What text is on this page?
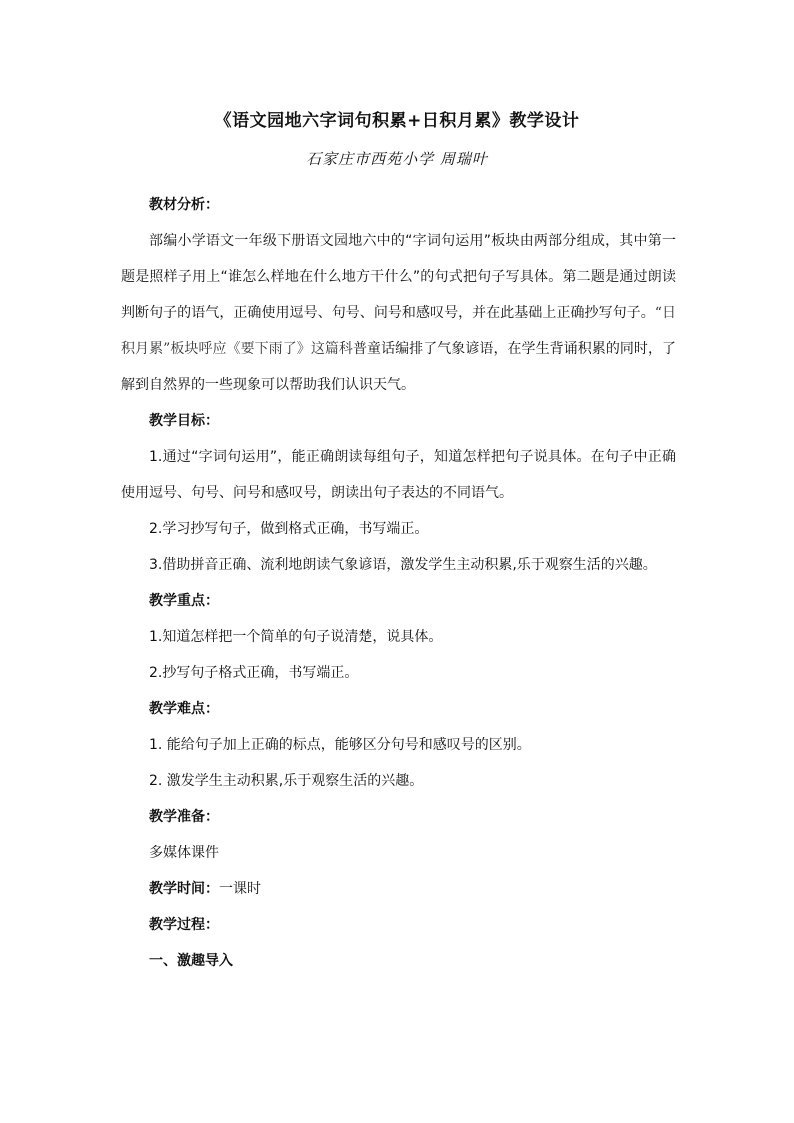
《语文园地六字词句积累+日积月累》教学设计
石家庄市西苑小学 周瑞叶

教材分析：

部编小学语文一年级下册语文园地六中的“字词句运用”板块由两部分组成，其中第一题是照样子用上“谁怎么样地在什么地方干什么”的句式把句子写具体。第二题是通过朗读判断句子的语气，正确使用逗号、句号、问号和感叹号，并在此基础上正确抄写句子。“日积月累”板块呼应《要下雨了》这篇科普童话编排了气象谚语，在学生背诵积累的同时，了解到自然界的一些现象可以帮助我们认识天气。

教学目标：

1.通过“字词句运用”，能正确朗读每组句子，知道怎样把句子说具体。在句子中正确使用逗号、句号、问号和感叹号，朗读出句子表达的不同语气。

2.学习抄写句子，做到格式正确，书写端正。

3.借助拼音正确、流利地朗读气象谚语，激发学生主动积累,乐于观察生活的兴趣。

教学重点：

1.知道怎样把一个简单的句子说清楚，说具体。

2.抄写句子格式正确，书写端正。

教学难点：

1. 能给句子加上正确的标点，能够区分句号和感叹号的区别。

2. 激发学生主动积累,乐于观察生活的兴趣。

教学准备：

多媒体课件

教学时间：一课时

教学过程：

一、激趣导入
